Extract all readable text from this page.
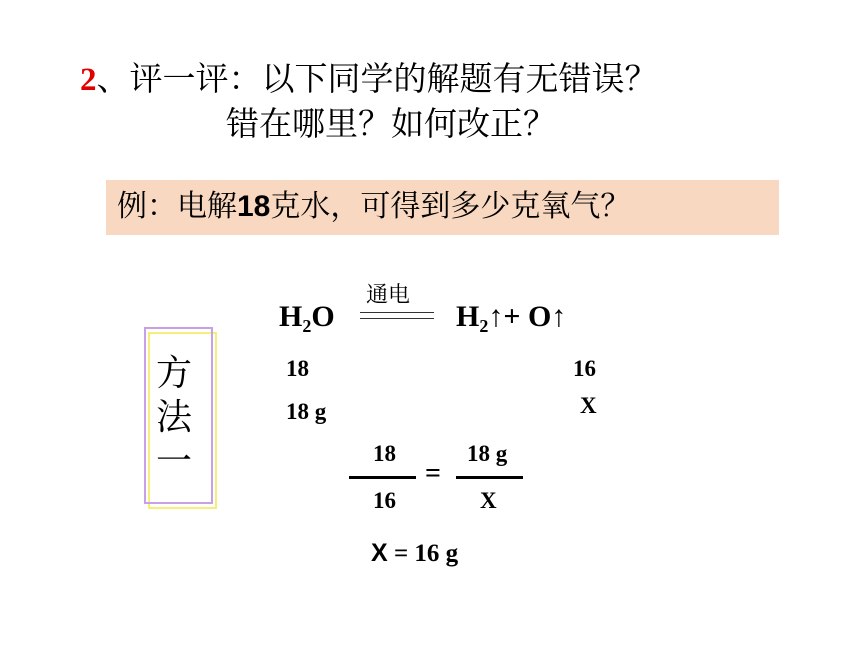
2、评一评：以下同学的解题有无错误？
错在哪里？如何改正？
例：电解18克水，可得到多少克氧气？
方法一
通电
$H_2O$	$H_2↑+$ O↑
18
18 g
16
X
18
16
=
18 g
X
X = 16 g
